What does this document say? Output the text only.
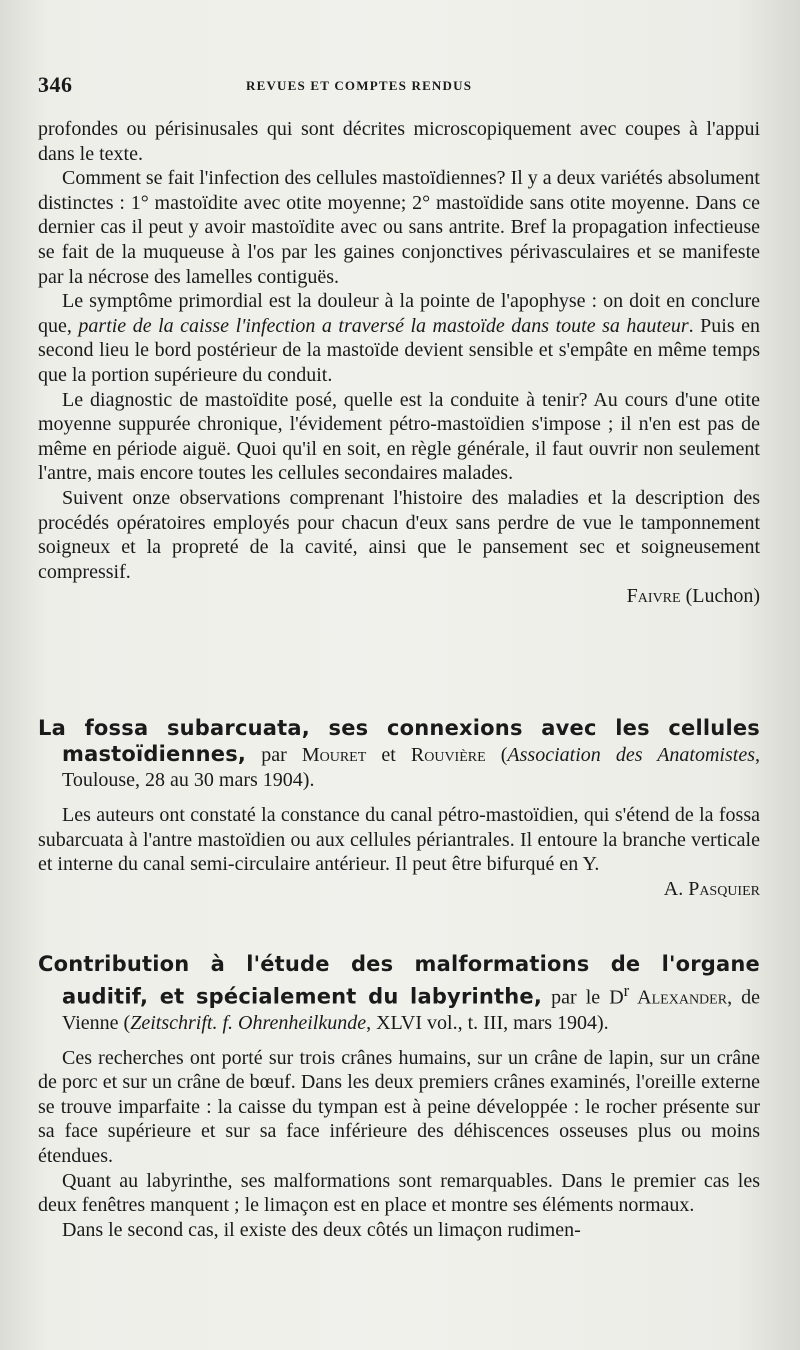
346	REVUES ET COMPTES RENDUS

profondes ou périsinusales qui sont décrites microscopiquement avec coupes à l'appui dans le texte.

Comment se fait l'infection des cellules mastoïdiennes? Il y a deux variétés absolument distinctes : 1° mastoïdite avec otite moyenne; 2° mastoïdide sans otite moyenne. Dans ce dernier cas il peut y avoir mastoïdite avec ou sans antrite. Bref la propagation infectieuse se fait de la muqueuse à l'os par les gaines conjonctives périvasculaires et se manifeste par la nécrose des lamelles contiguës.

Le symptôme primordial est la douleur à la pointe de l'apophyse : on doit en conclure que, partie de la caisse l'infection a traversé la mastoïde dans toute sa hauteur. Puis en second lieu le bord postérieur de la mastoïde devient sensible et s'empâte en même temps que la portion supérieure du conduit.

Le diagnostic de mastoïdite posé, quelle est la conduite à tenir? Au cours d'une otite moyenne suppurée chronique, l'évidement pétro-mastoïdien s'impose ; il n'en est pas de même en période aiguë. Quoi qu'il en soit, en règle générale, il faut ouvrir non seulement l'antre, mais encore toutes les cellules secondaires malades.

Suivent onze observations comprenant l'histoire des maladies et la description des procédés opératoires employés pour chacun d'eux sans perdre de vue le tamponnement soigneux et la propreté de la cavité, ainsi que le pansement sec et soigneusement compressif.

Faivre (Luchon)

La fossa subarcuata, ses connexions avec les cellules mastoïdiennes, par Mouret et Rouvière (Association des Anatomistes, Toulouse, 28 au 30 mars 1904).

Les auteurs ont constaté la constance du canal pétro-mastoïdien, qui s'étend de la fossa subarcuata à l'antre mastoïdien ou aux cellules périantrales. Il entoure la branche verticale et interne du canal semi-circulaire antérieur. Il peut être bifurqué en Y.

A. Pasquier

Contribution à l'étude des malformations de l'organe auditif, et spécialement du labyrinthe, par le $D^r$ Alexander, de Vienne (Zeitschrift. f. Ohrenheilkunde, XLVI vol., t. III, mars 1904).

Ces recherches ont porté sur trois crânes humains, sur un crâne de lapin, sur un crâne de porc et sur un crâne de bœuf. Dans les deux premiers crânes examinés, l'oreille externe se trouve imparfaite : la caisse du tympan est à peine développée : le rocher présente sur sa face supérieure et sur sa face inférieure des déhiscences osseuses plus ou moins étendues.

Quant au labyrinthe, ses malformations sont remarquables. Dans le premier cas les deux fenêtres manquent ; le limaçon est en place et montre ses éléments normaux.

Dans le second cas, il existe des deux côtés un limaçon rudimen-
